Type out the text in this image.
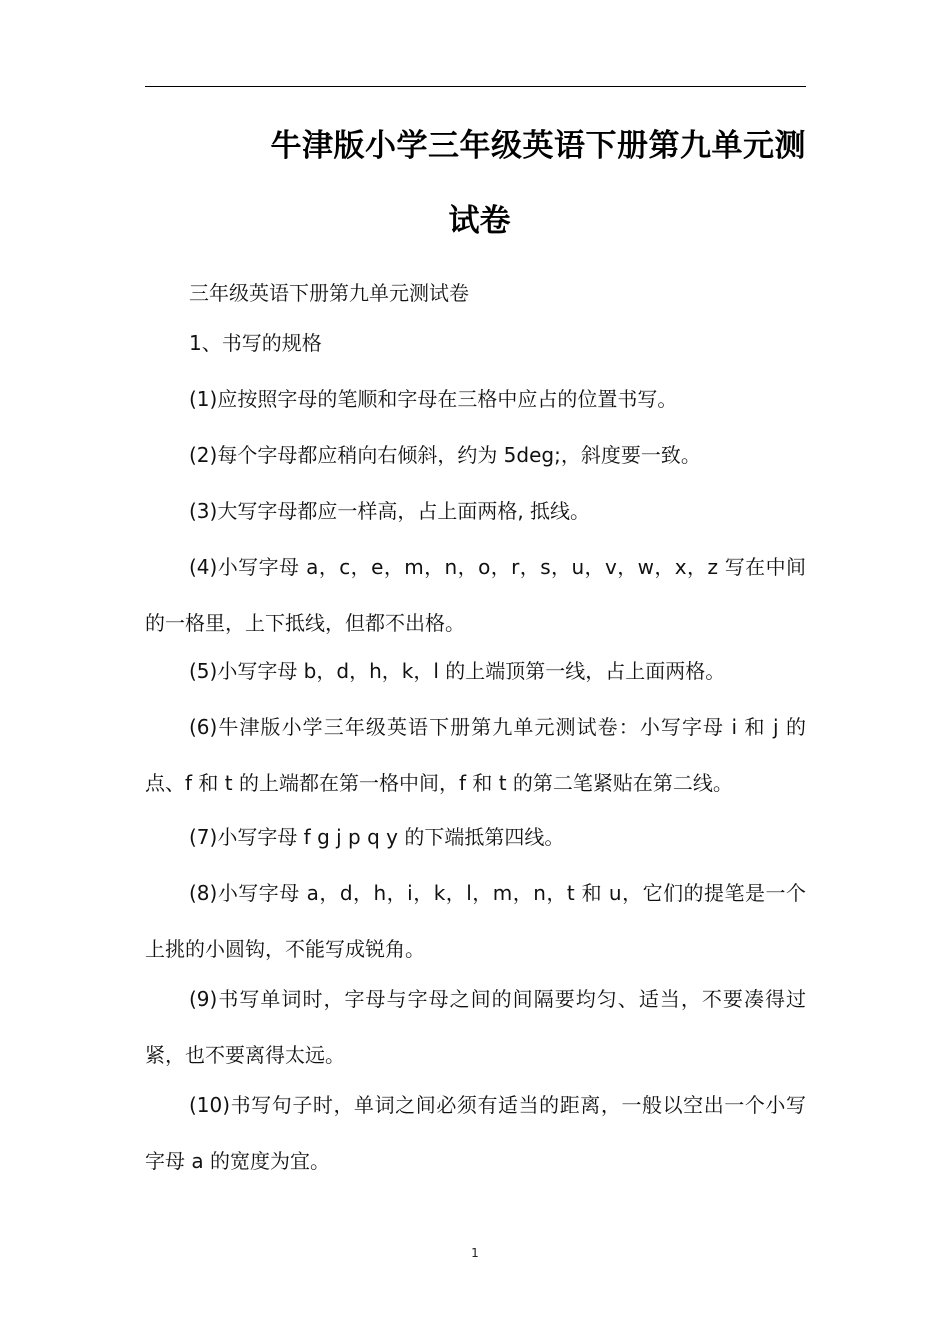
牛津版小学三年级英语下册第九单元测
试卷

三年级英语下册第九单元测试卷

1、书写的规格

(1)应按照字母的笔顺和字母在三格中应占的位置书写。

(2)每个字母都应稍向右倾斜，约为 5deg;，斜度要一致。

(3)大写字母都应一样高，占上面两格, 抵线。

(4)小写字母 a，c，e，m，n，o，r，s，u，v，w，x，z 写在中间的一格里，上下抵线，但都不出格。

(5)小写字母 b，d，h，k，l 的上端顶第一线，占上面两格。

(6)牛津版小学三年级英语下册第九单元测试卷：小写字母 i 和 j 的点、f 和 t 的上端都在第一格中间，f 和 t 的第二笔紧贴在第二线。

(7)小写字母 f g j p q y 的下端抵第四线。

(8)小写字母 a，d，h，i，k，l，m，n，t 和 u，它们的提笔是一个上挑的小圆钩，不能写成锐角。

(9)书写单词时，字母与字母之间的间隔要均匀、适当，不要凑得过紧，也不要离得太远。

(10)书写句子时，单词之间必须有适当的距离，一般以空出一个小写字母 a 的宽度为宜。

1
